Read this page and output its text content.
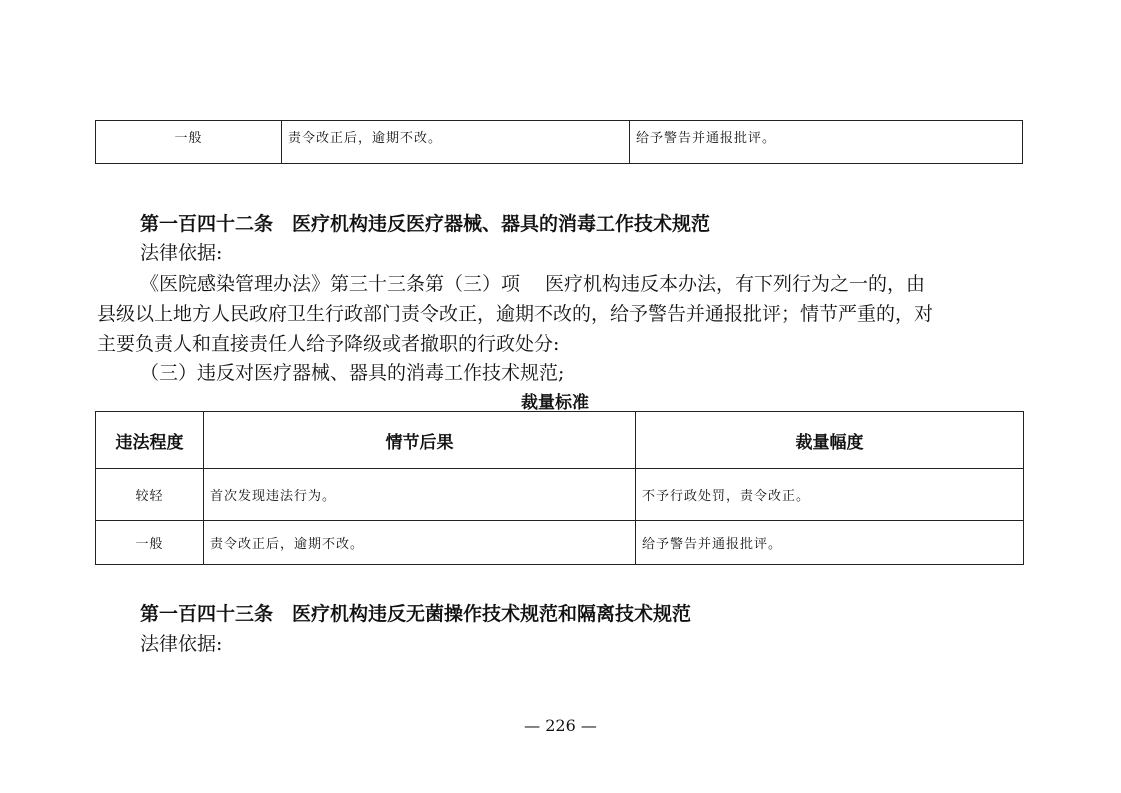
一般	责令改正后，逾期不改。	给予警告并通报批评。
第一百四十二条　医疗机构违反医疗器械、器具的消毒工作技术规范
法律依据:
《医院感染管理办法》第三十三条第（三）项　 医疗机构违反本办法，有下列行为之一的，由
县级以上地方人民政府卫生行政部门责令改正，逾期不改的，给予警告并通报批评；情节严重的，对
主要负责人和直接责任人给予降级或者撤职的行政处分:
（三）违反对医疗器械、器具的消毒工作技术规范;
裁量标准
违法程度	情节后果	裁量幅度
较轻	首次发现违法行为。	不予行政处罚，责令改正。
一般	责令改正后，逾期不改。	给予警告并通报批评。
第一百四十三条　医疗机构违反无菌操作技术规范和隔离技术规范
法律依据:
— 226 —
